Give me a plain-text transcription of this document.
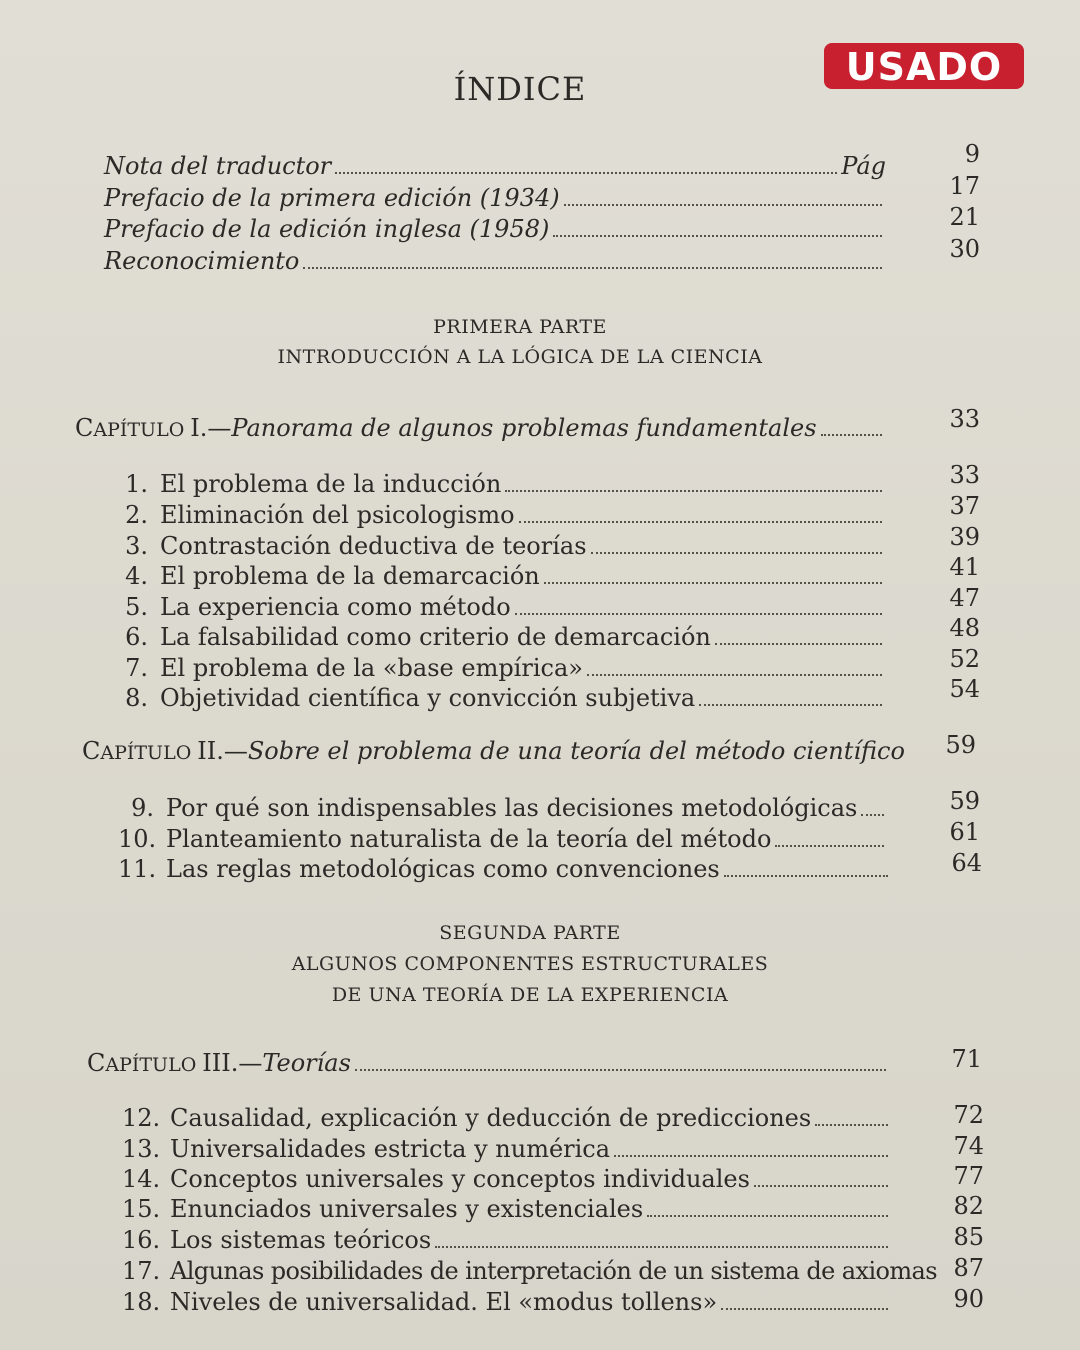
USADO
ÍNDICE
Nota del traductor	Pág	9
Prefacio de la primera edición (1934)	17
Prefacio de la edición inglesa (1958)	21
Reconocimiento	30
PRIMERA PARTE
INTRODUCCIÓN A LA LÓGICA DE LA CIENCIA
CAPÍTULO I.—Panorama de algunos problemas fundamentales	33
1. El problema de la inducción	33
2. Eliminación del psicologismo	37
3. Contrastación deductiva de teorías	39
4. El problema de la demarcación	41
5. La experiencia como método	47
6. La falsabilidad como criterio de demarcación	48
7. El problema de la «base empírica»	52
8. Objetividad científica y convicción subjetiva	54
CAPÍTULO II.—Sobre el problema de una teoría del método científico	59
9. Por qué son indispensables las decisiones metodológicas	59
10. Planteamiento naturalista de la teoría del método	61
11. Las reglas metodológicas como convenciones	64
SEGUNDA PARTE
ALGUNOS COMPONENTES ESTRUCTURALES
DE UNA TEORÍA DE LA EXPERIENCIA
CAPÍTULO III.—Teorías	71
12. Causalidad, explicación y deducción de predicciones	72
13. Universalidades estricta y numérica	74
14. Conceptos universales y conceptos individuales	77
15. Enunciados universales y existenciales	82
16. Los sistemas teóricos	85
17. Algunas posibilidades de interpretación de un sistema de axiomas 87
18. Niveles de universalidad. El «modus tollens»	90
